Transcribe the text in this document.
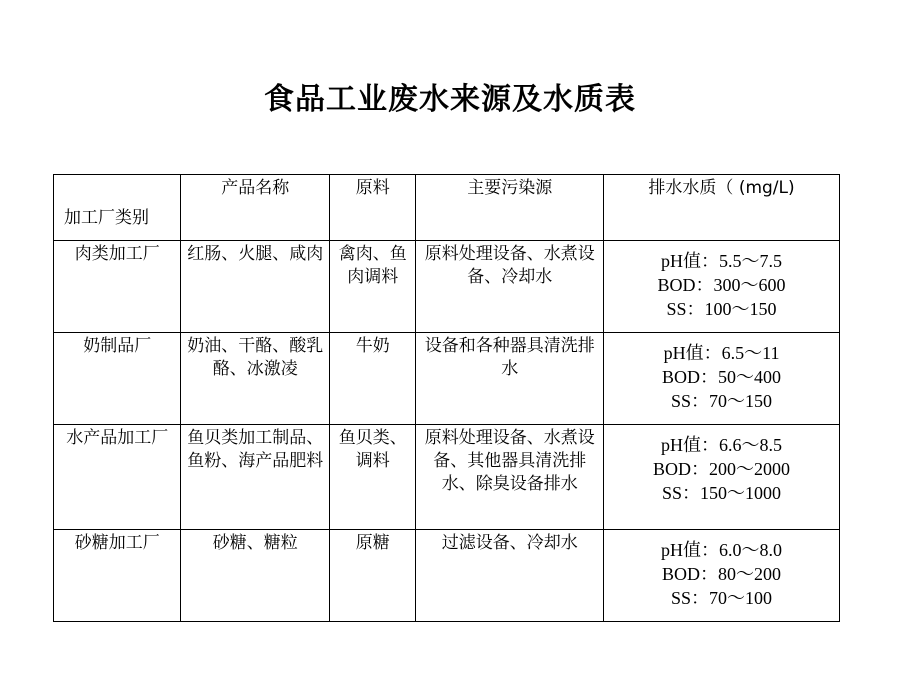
食品工业废水来源及水质表
加工厂类别	产品名称	原料	主要污染源	排水水质（ (mg/L)
肉类加工厂	红肠、火腿、咸肉	禽肉、鱼肉调料	原料处理设备、水煮设备、冷却水	pH值：5.5～7.5
BOD：300～600
SS：100～150

奶制品厂	奶油、干酪、酸乳酪、冰激凌	牛奶	设备和各种器具清洗排水	pH值：6.5～11
BOD：50～400
SS：70～150

水产品加工厂	鱼贝类加工制品、鱼粉、海产品肥料	鱼贝类、调料	原料处理设备、水煮设备、其他器具清洗排水、除臭设备排水	pH值：6.6～8.5
BOD：200～2000
SS：150～1000

砂糖加工厂	砂糖、糖粒	原糖	过滤设备、冷却水	pH值：6.0～8.0
BOD：80～200
SS：70～100
